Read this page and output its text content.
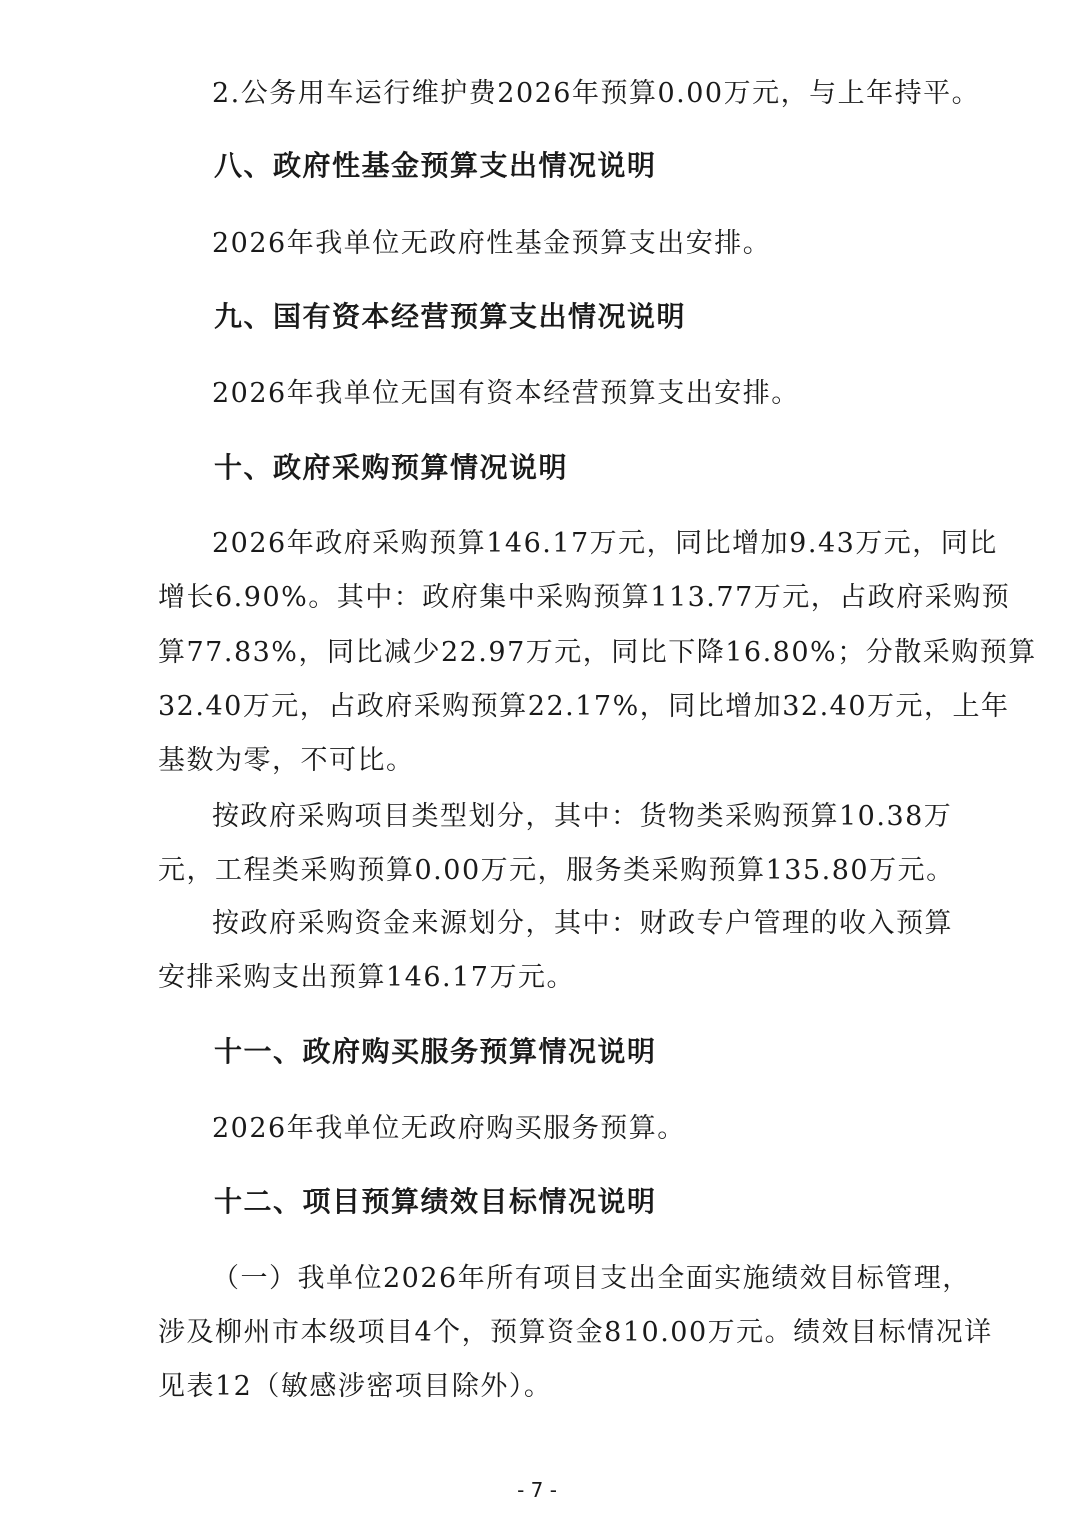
2.公务用车运行维护费2026年预算0.00万元，与上年持平。
八、政府性基金预算支出情况说明
2026年我单位无政府性基金预算支出安排。
九、国有资本经营预算支出情况说明
2026年我单位无国有资本经营预算支出安排。
十、政府采购预算情况说明
2026年政府采购预算146.17万元，同比增加9.43万元，同比
增长6.90%。其中：政府集中采购预算113.77万元，占政府采购预
算77.83%，同比减少22.97万元，同比下降16.80%；分散采购预算
32.40万元，占政府采购预算22.17%，同比增加32.40万元，上年
基数为零，不可比。
按政府采购项目类型划分，其中：货物类采购预算10.38万
元，工程类采购预算0.00万元，服务类采购预算135.80万元。
按政府采购资金来源划分，其中：财政专户管理的收入预算
安排采购支出预算146.17万元。
十一、政府购买服务预算情况说明
2026年我单位无政府购买服务预算。
十二、项目预算绩效目标情况说明
（一）我单位2026年所有项目支出全面实施绩效目标管理，
涉及柳州市本级项目4个，预算资金810.00万元。绩效目标情况详
见表12（敏感涉密项目除外）。
- 7 -
